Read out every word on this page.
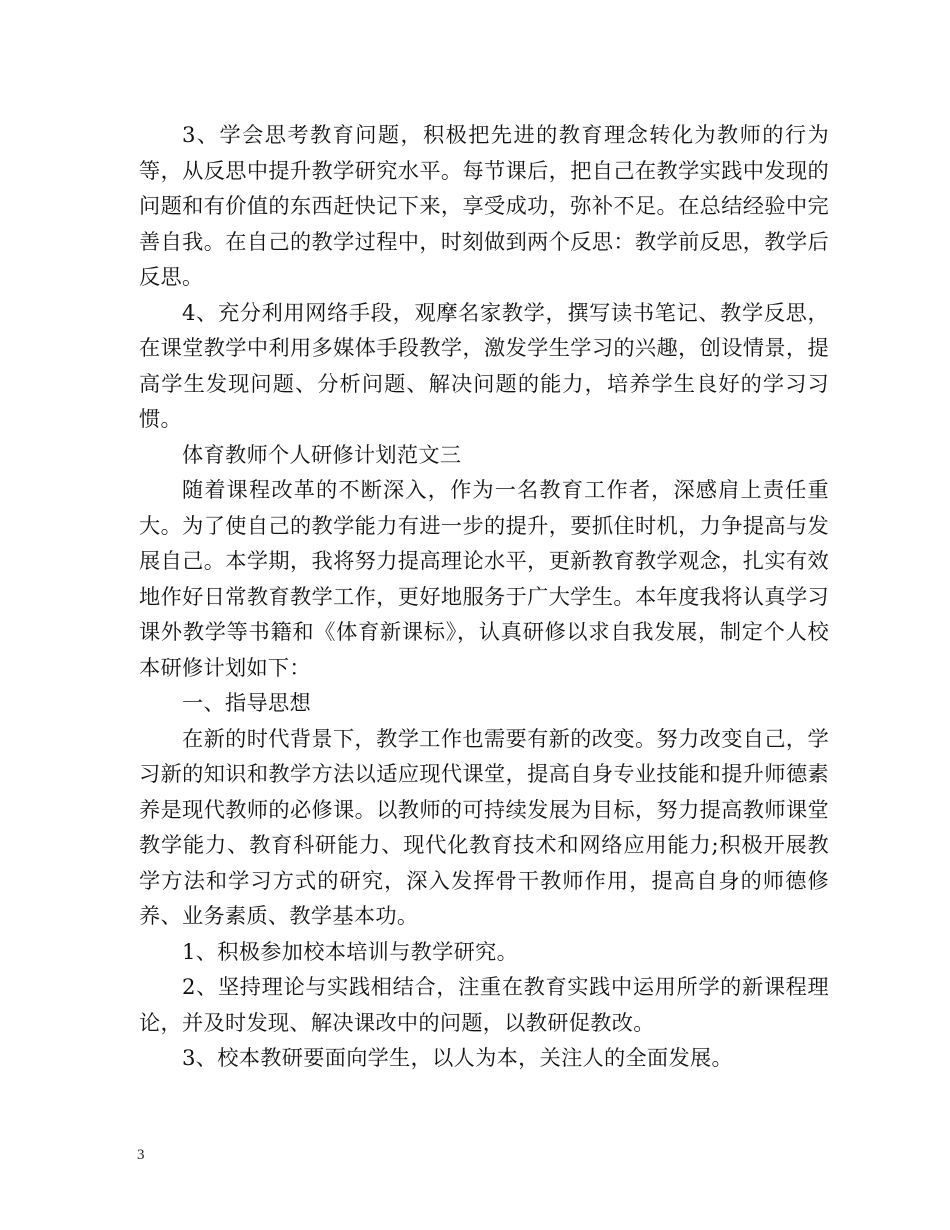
3、学会思考教育问题，积极把先进的教育理念转化为教师的行为等，从反思中提升教学研究水平。每节课后，把自己在教学实践中发现的问题和有价值的东西赶快记下来，享受成功，弥补不足。在总结经验中完善自我。在自己的教学过程中，时刻做到两个反思：教学前反思，教学后反思。

4、充分利用网络手段，观摩名家教学，撰写读书笔记、教学反思，在课堂教学中利用多媒体手段教学，激发学生学习的兴趣，创设情景，提高学生发现问题、分析问题、解决问题的能力，培养学生良好的学习习惯。

体育教师个人研修计划范文三

随着课程改革的不断深入，作为一名教育工作者，深感肩上责任重大。为了使自己的教学能力有进一步的提升，要抓住时机，力争提高与发展自己。本学期，我将努力提高理论水平，更新教育教学观念，扎实有效地作好日常教育教学工作，更好地服务于广大学生。本年度我将认真学习课外教学等书籍和《体育新课标》，认真研修以求自我发展，制定个人校本研修计划如下：

一、指导思想

在新的时代背景下，教学工作也需要有新的改变。努力改变自己，学习新的知识和教学方法以适应现代课堂，提高自身专业技能和提升师德素养是现代教师的必修课。以教师的可持续发展为目标，努力提高教师课堂教学能力、教育科研能力、现代化教育技术和网络应用能力;积极开展教学方法和学习方式的研究，深入发挥骨干教师作用，提高自身的师德修养、业务素质、教学基本功。

1、积极参加校本培训与教学研究。

2、坚持理论与实践相结合，注重在教育实践中运用所学的新课程理论，并及时发现、解决课改中的问题，以教研促教改。

3、校本教研要面向学生，以人为本，关注人的全面发展。

3
